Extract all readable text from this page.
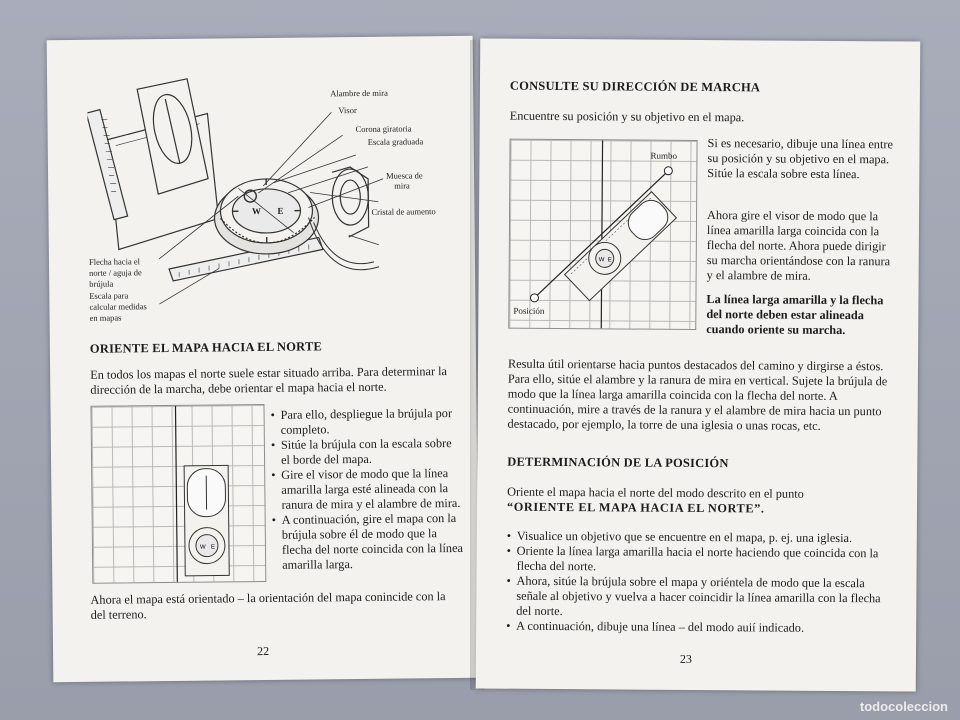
W E
Alambre de mira
Visor
Corona giratoria
Escala graduada
Muesca de
mira
Cristal de aumento
Flecha hacia el
norte / aguja de
brújula
Escala para
calcular medidas
en mapas
ORIENTE EL MAPA HACIA EL NORTE
En todos los mapas el norte suele estar situado arriba. Para determinar la dirección de la marcha, debe orientar el mapa hacia el norte.
W E
• Para ello, despliegue la brújula por completo.
• Sitúe la brújula con la escala sobre el borde del mapa.
• Gire el visor de modo que la línea amarilla larga esté alineada con la ranura de mira y el alambre de mira.
• A continuación, gire el mapa con la brújula sobre él de modo que la flecha del norte coincida con la línea amarilla larga.
Ahora el mapa está orientado – la orientación del mapa conincide con la del terreno.
22
CONSULTE SU DIRECCIÓN DE MARCHA
Encuentre su posición y su objetivo en el mapa.
W E
Rumbo
Posición
Si es necesario, dibuje una línea entre su posición y su objetivo en el mapa. Sitúe la escala sobre esta línea.
Ahora gire el visor de modo que la línea amarilla larga coincida con la flecha del norte. Ahora puede dirigir su marcha orientándose con la ranura y el alambre de mira.
La línea larga amarilla y la flecha del norte deben estar alineada cuando oriente su marcha.
Resulta útil orientarse hacia puntos destacados del camino y dirgirse a éstos. Para ello, sitúe el alambre y la ranura de mira en vertical. Sujete la brújula de modo que la línea larga amarilla coincida con la flecha del norte. A continuación, mire a través de la ranura y el alambre de mira hacia un punto destacado, por ejemplo, la torre de una iglesia o unas rocas, etc.
DETERMINACIÓN DE LA POSICIÓN
Oriente el mapa hacia el norte del modo descrito en el punto
“ORIENTE EL MAPA HACIA EL NORTE”.
• Visualice un objetivo que se encuentre en el mapa, p. ej. una iglesia.
• Oriente la línea larga amarilla hacia el norte haciendo que coincida con la flecha del norte.
• Ahora, sitúe la brújula sobre el mapa y oriéntela de modo que la escala señale al objetivo y vuelva a hacer coincidir la línea amarilla con la flecha del norte.
• A continuación, dibuje una línea – del modo auií indicado.
23
todocoleccion
